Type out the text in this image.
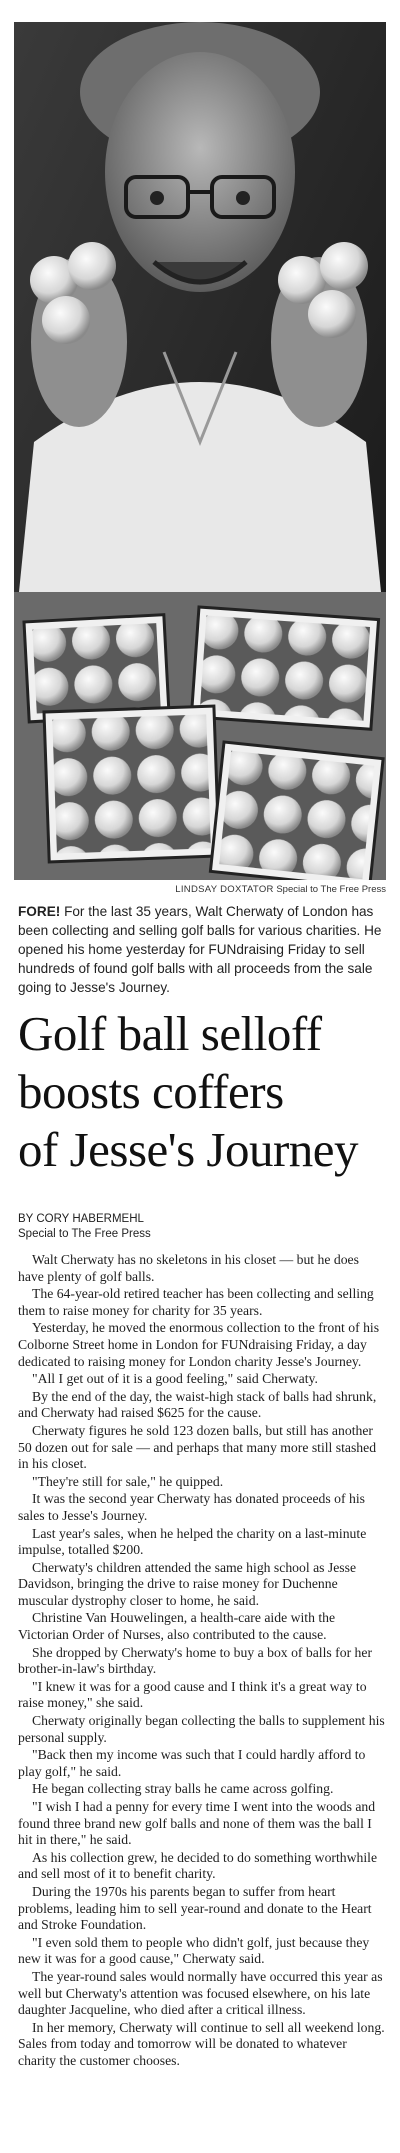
LINDSAY DOXTATOR Special to The Free Press
FORE! For the last 35 years, Walt Cherwaty of London has been collecting and selling golf balls for various charities. He opened his home yesterday for FUNdraising Friday to sell hundreds of found golf balls with all proceeds from the sale going to Jesse's Journey.
Golf ball selloff
boosts coffers
of Jesse's Journey
BY CORY HABERMEHL
Special to The Free Press

Walt Cherwaty has no skeletons in his closet — but he does have plenty of golf balls.

The 64-year-old retired teacher has been collecting and selling them to raise money for charity for 35 years.

Yesterday, he moved the enormous collection to the front of his Colborne Street home in London for FUNdraising Friday, a day dedicated to raising money for London charity Jesse's Journey.

"All I get out of it is a good feeling," said Cherwaty.

By the end of the day, the waist-high stack of balls had shrunk, and Cherwaty had raised $625 for the cause.

Cherwaty figures he sold 123 dozen balls, but still has another 50 dozen out for sale — and perhaps that many more still stashed in his closet.

"They're still for sale," he quipped.

It was the second year Cherwaty has donated proceeds of his sales to Jesse's Journey.

Last year's sales, when he helped the charity on a last-minute impulse, totalled $200.

Cherwaty's children attended the same high school as Jesse Davidson, bringing the drive to raise money for Duchenne muscular dystrophy closer to home, he said.

Christine Van Houwelingen, a health-care aide with the Victorian Order of Nurses, also contributed to the cause.

She dropped by Cherwaty's home to buy a box of balls for her brother-in-law's birthday.

"I knew it was for a good cause and I think it's a great way to raise money," she said.

Cherwaty originally began collecting the balls to supplement his personal supply.

"Back then my income was such that I could hardly afford to play golf," he said.

He began collecting stray balls he came across golfing.

"I wish I had a penny for every time I went into the woods and found three brand new golf balls and none of them was the ball I hit in there," he said.

As his collection grew, he decided to do something worthwhile and sell most of it to benefit charity.

During the 1970s his parents began to suffer from heart problems, leading him to sell year-round and donate to the Heart and Stroke Foundation.

"I even sold them to people who didn't golf, just because they new it was for a good cause," Cherwaty said.

The year-round sales would normally have occurred this year as well but Cherwaty's attention was focused elsewhere, on his late daughter Jacqueline, who died after a critical illness.

In her memory, Cherwaty will continue to sell all weekend long. Sales from today and tomorrow will be donated to whatever charity the customer chooses.
